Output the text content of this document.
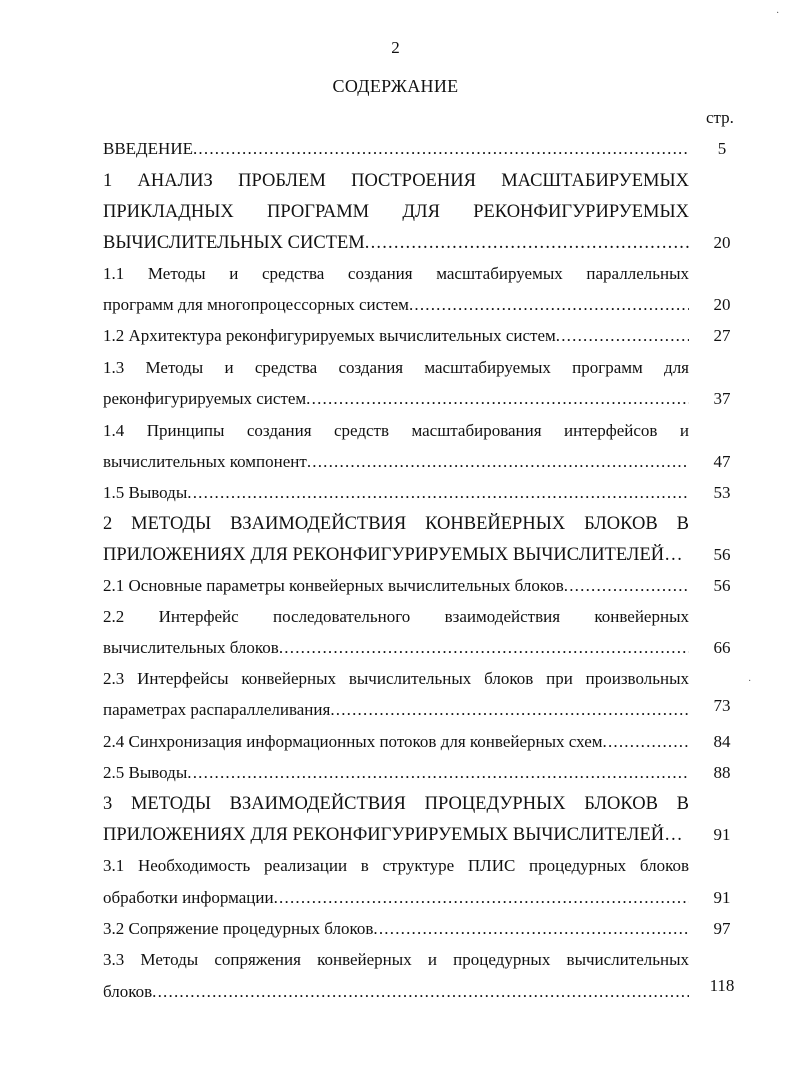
2
СОДЕРЖАНИЕ
стр.
ВВЕДЕНИЕ .....	5
1 АНАЛИЗ ПРОБЛЕМ ПОСТРОЕНИЯ МАСШТАБИРУЕМЫХ
ПРИКЛАДНЫХ ПРОГРАММ ДЛЯ РЕКОНФИГУРИРУЕМЫХ
ВЫЧИСЛИТЕЛЬНЫХ СИСТЕМ .....	20
1.1 Методы и средства создания масштабируемых параллельных
программ для многопроцессорных систем .....	20
1.2 Архитектура реконфигурируемых вычислительных систем .....	27
1.3 Методы и средства создания масштабируемых программ для
реконфигурируемых систем .....	37
1.4 Принципы создания средств масштабирования интерфейсов и
вычислительных компонент .....	47
1.5 Выводы .....	53
2 МЕТОДЫ ВЗАИМОДЕЙСТВИЯ КОНВЕЙЕРНЫХ БЛОКОВ В
ПРИЛОЖЕНИЯХ ДЛЯ РЕКОНФИГУРИРУЕМЫХ ВЫЧИСЛИТЕЛЕЙ…	56
2.1 Основные параметры конвейерных вычислительных блоков .....	56
2.2 Интерфейс последовательного взаимодействия конвейерных
вычислительных блоков .....	66
2.3 Интерфейсы конвейерных вычислительных блоков при произвольных
параметрах распараллеливания .....	73
2.4 Синхронизация информационных потоков для конвейерных схем .....	84
2.5 Выводы .....	88
3 МЕТОДЫ ВЗАИМОДЕЙСТВИЯ ПРОЦЕДУРНЫХ БЛОКОВ В
ПРИЛОЖЕНИЯХ ДЛЯ РЕКОНФИГУРИРУЕМЫХ ВЫЧИСЛИТЕЛЕЙ…	91
3.1 Необходимость реализации в структуре ПЛИС процедурных блоков
обработки информации .....	91
3.2 Сопряжение процедурных блоков .....	97
3.3 Методы сопряжения конвейерных и процедурных вычислительных
блоков .....	118
·
·
